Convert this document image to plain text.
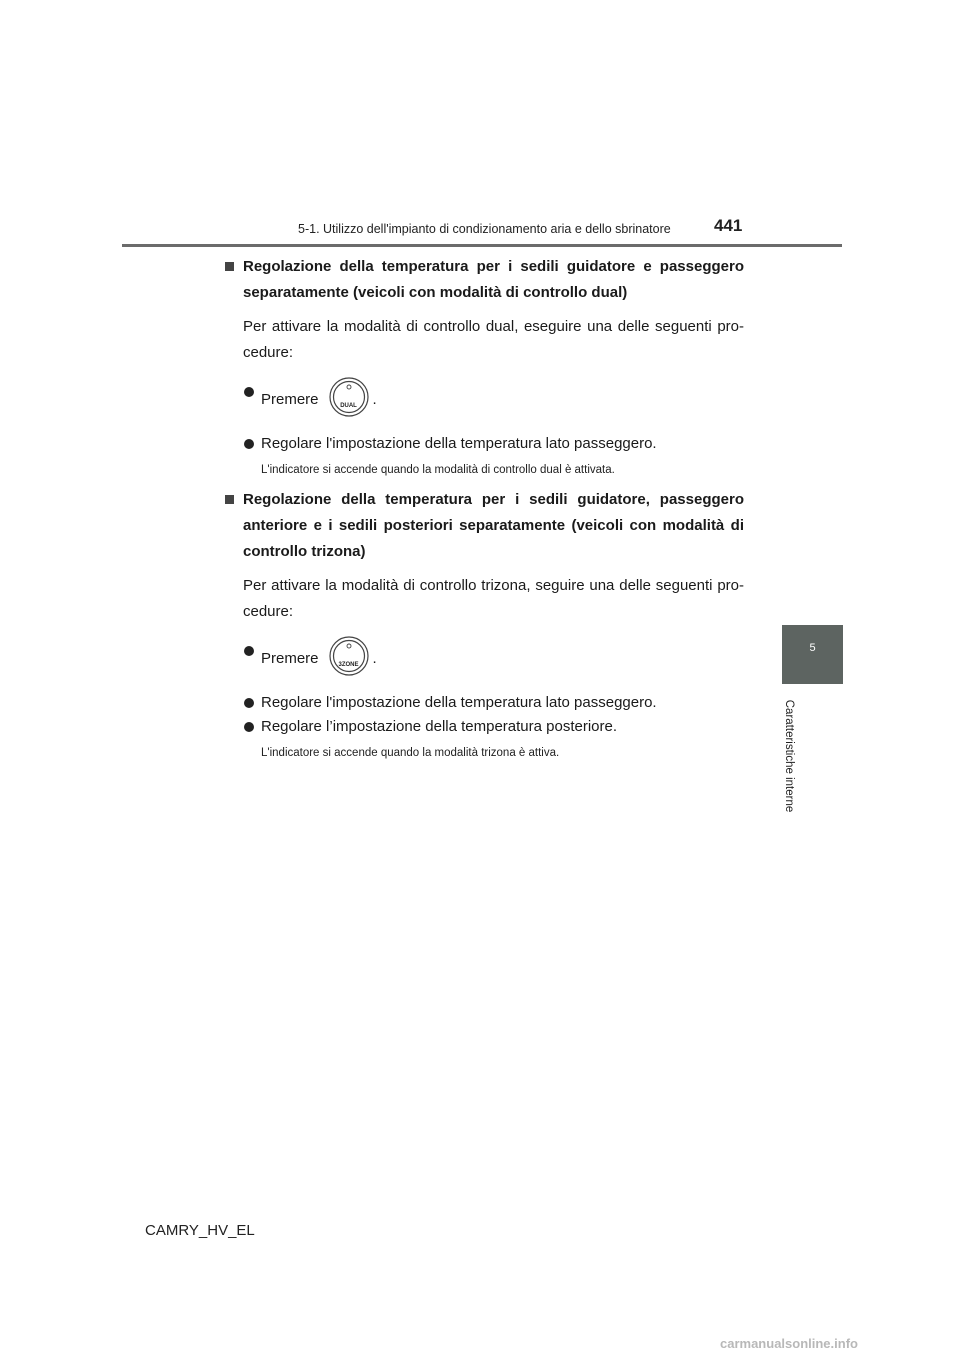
5-1. Utilizzo dell'impianto di condizionamento aria e dello sbrinatore	441
5
Caratteristiche interne
Regolazione della temperatura per i sedili guidatore e passeggero separatamente (veicoli con modalità di controllo dual)
Per attivare la modalità di controllo dual, eseguire una delle seguenti pro-cedure:
Premere	DUAL	.
Regolare l'impostazione della temperatura lato passeggero.
L'indicatore si accende quando la modalità di controllo dual è attivata.
Regolazione della temperatura per i sedili guidatore, passeggero anteriore e i sedili posteriori separatamente (veicoli con modalità di controllo trizona)
Per attivare la modalità di controllo trizona, seguire una delle seguenti pro-cedure:
Premere	3ZONE .
Regolare l'impostazione della temperatura lato passeggero.
Regolare l’impostazione della temperatura posteriore.
L'indicatore si accende quando la modalità trizona è attiva.
CAMRY_HV_EL
carmanualsonline.info
